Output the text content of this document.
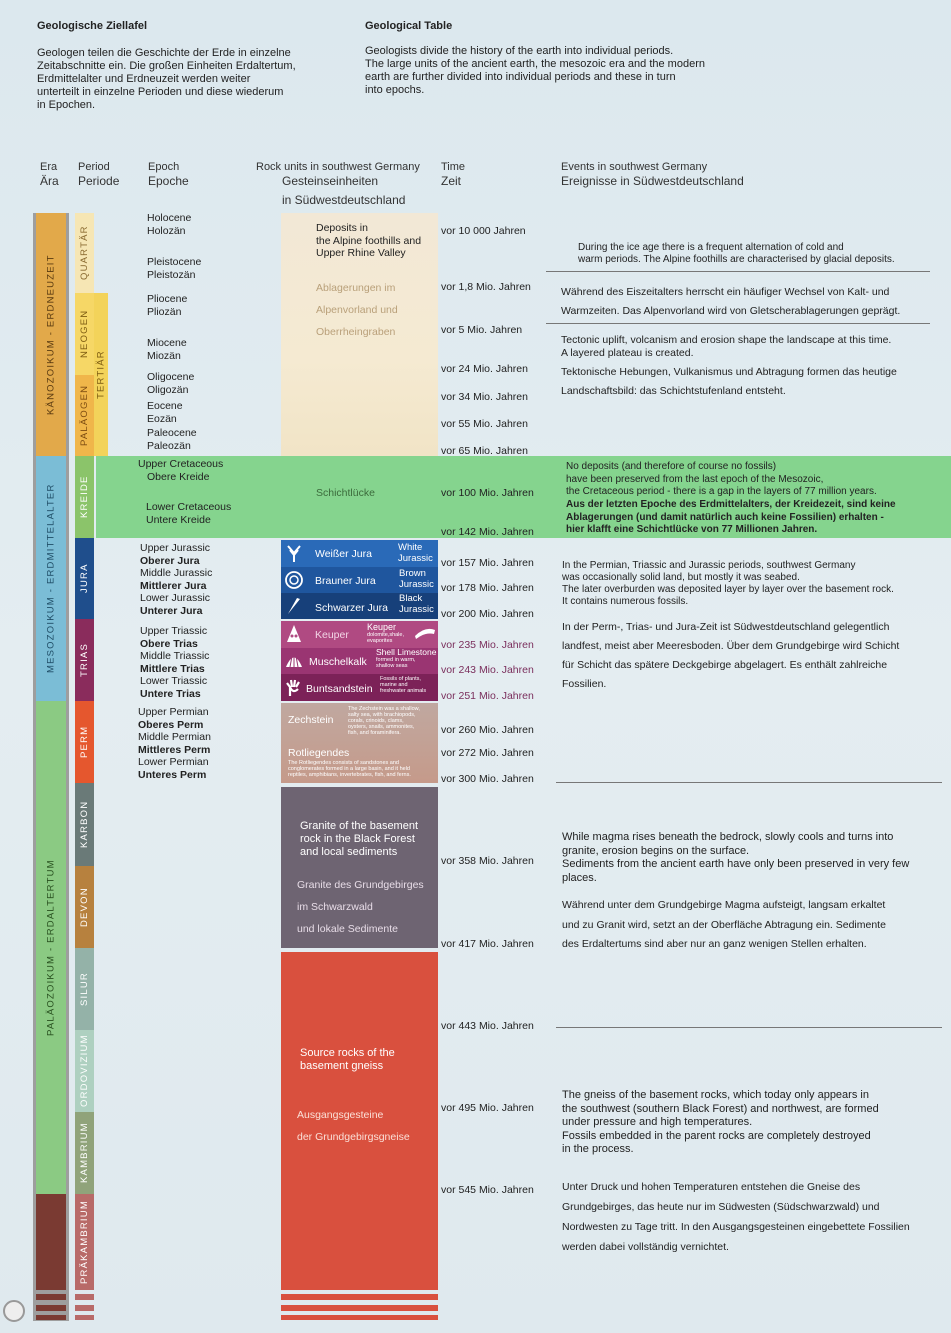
Geologische Ziellafel
Geologen teilen die Geschichte der Erde in einzelne
Zeitabschnitte ein. Die großen Einheiten Erdaltertum,
Erdmittelalter und Erdneuzeit werden weiter
unterteilt in einzelne Perioden und diese wiederum
in Epochen.
Geological Table
Geologists divide the history of the earth into individual periods.
The large units of the ancient earth, the mesozoic era and the modern
earth are further divided into individual periods and these in turn
into epochs.
Era
Ära
Period
Periode
Epoch
Epoche
Rock units in southwest Germany
Gesteinseinheiten
in Südwestdeutschland
Time
Zeit
Events in southwest Germany
Ereignisse in Südwestdeutschland
KÄNOZOIKUM - ERDNEUZEIT
MESOZOIKUM - ERDMITTELALTER
PALÄOZOIKUM - ERDALTERTUM
QUARTÄR
NEOGEN
PALÄOGEN
TERTIÄR
KREIDE
JURA
TRIAS
PERM
KARBON
DEVON
SILUR
ORDOVIZIUM
KAMBRIUM
PRÄKAMBRIUM
Holocene
Holozän
Pleistocene
Pleistozän
Pliocene
Pliozän
Miocene
Miozän
Oligocene
Oligozän
Eocene
Eozän
Paleocene
Paleozän
Upper Cretaceous
Obere Kreide
Lower Cretaceous
Untere Kreide
Upper Jurassic
Oberer Jura
Middle Jurassic
Mittlerer Jura
Lower Jurassic
Unterer Jura
Upper Triassic
Obere Trias
Middle Triassic
Mittlere Trias
Lower Triassic
Untere Trias
Upper Permian
Oberes Perm
Middle Permian
Mittleres Perm
Lower Permian
Unteres Perm
Deposits in
the Alpine foothills and
Upper Rhine Valley
Ablagerungen im
Alpenvorland und
Oberrheingraben
Schichtlücke
Weißer Jura
Brauner Jura
Schwarzer Jura
White
Jurassic
Brown
Jurassic
Black
Jurassic
Keuper
Muschelkalk
Buntsandstein
Keuper
dolomite,shale,
evaporites
Shell Limestone
formed in warm,
shallow seas
Fossils of plants,
marine and
freshwater animals
Zechstein
The Zechstein was a shallow,
salty sea, with brachiopods,
corals, crinoids, clams,
oysters, snails, ammonites,
fish, and foraminifera.
Rotliegendes
The Rotliegendes consists of sandstones and
conglomerates formed in a large basin, and it held
reptiles, amphibians, invertebrates, fish, and ferns.
Granite of the basement
rock in the Black Forest
and local sediments
Granite des Grundgebirges
im Schwarzwald
und lokale Sedimente
Source rocks of the
basement gneiss
Ausgangsgesteine
der Grundgebirgsgneise
vor 10 000 Jahren
vor 1,8 Mio. Jahren
vor 5 Mio. Jahren
vor 24 Mio. Jahren
vor 34 Mio. Jahren
vor 55 Mio. Jahren
vor 65 Mio. Jahren
vor 100 Mio. Jahren
vor 142 Mio. Jahren
vor 157 Mio. Jahren
vor 178 Mio. Jahren
vor 200 Mio. Jahren
vor 235 Mio. Jahren
vor 243 Mio. Jahren
vor 251 Mio. Jahren
vor 260 Mio. Jahren
vor 272 Mio. Jahren
vor 300 Mio. Jahren
vor 358 Mio. Jahren
vor 417 Mio. Jahren
vor 443 Mio. Jahren
vor 495 Mio. Jahren
vor 545 Mio. Jahren
During the ice age there is a frequent alternation of cold and
warm periods. The Alpine foothills are characterised by glacial deposits.
Während des Eiszeitalters herrscht ein häufiger Wechsel von Kalt- und
Warmzeiten. Das Alpenvorland wird von Gletscherablagerungen geprägt.
Tectonic uplift, volcanism and erosion shape the landscape at this time.
A layered plateau is created.
Tektonische Hebungen, Vulkanismus und Abtragung formen das heutige
Landschaftsbild: das Schichtstufenland entsteht.
No deposits (and therefore of course no fossils)
have been preserved from the last epoch of the Mesozoic,
the Cretaceous period - there is a gap in the layers of 77 million years.
Aus der letzten Epoche des Erdmittelalters, der Kreidezeit, sind keine
Ablagerungen (und damit natürlich auch keine Fossilien) erhalten -
hier klafft eine Schichtlücke von 77 Millionen Jahren.
In the Permian, Triassic and Jurassic periods, southwest Germany
was occasionally solid land, but mostly it was seabed.
The later overburden was deposited layer by layer over the basement rock.
It contains numerous fossils.
In der Perm-, Trias- und Jura-Zeit ist Südwestdeutschland gelegentlich
landfest, meist aber Meeresboden. Über dem Grundgebirge wird Schicht
für Schicht das spätere Deckgebirge abgelagert. Es enthält zahlreiche
Fossilien.
While magma rises beneath the bedrock, slowly cools and turns into
granite, erosion begins on the surface.
Sediments from the ancient earth have only been preserved in very few
places.
Während unter dem Grundgebirge Magma aufsteigt, langsam erkaltet
und zu Granit wird, setzt an der Oberfläche Abtragung ein. Sedimente
des Erdaltertums sind aber nur an ganz wenigen Stellen erhalten.
The gneiss of the basement rocks, which today only appears in
the southwest (southern Black Forest) and northwest, are formed
under pressure and high temperatures.
Fossils embedded in the parent rocks are completely destroyed
in the process.
Unter Druck und hohen Temperaturen entstehen die Gneise des
Grundgebirges, das heute nur im Südwesten (Südschwarzwald) und
Nordwesten zu Tage tritt. In den Ausgangsgesteinen eingebettete Fossilien
werden dabei vollständig vernichtet.
